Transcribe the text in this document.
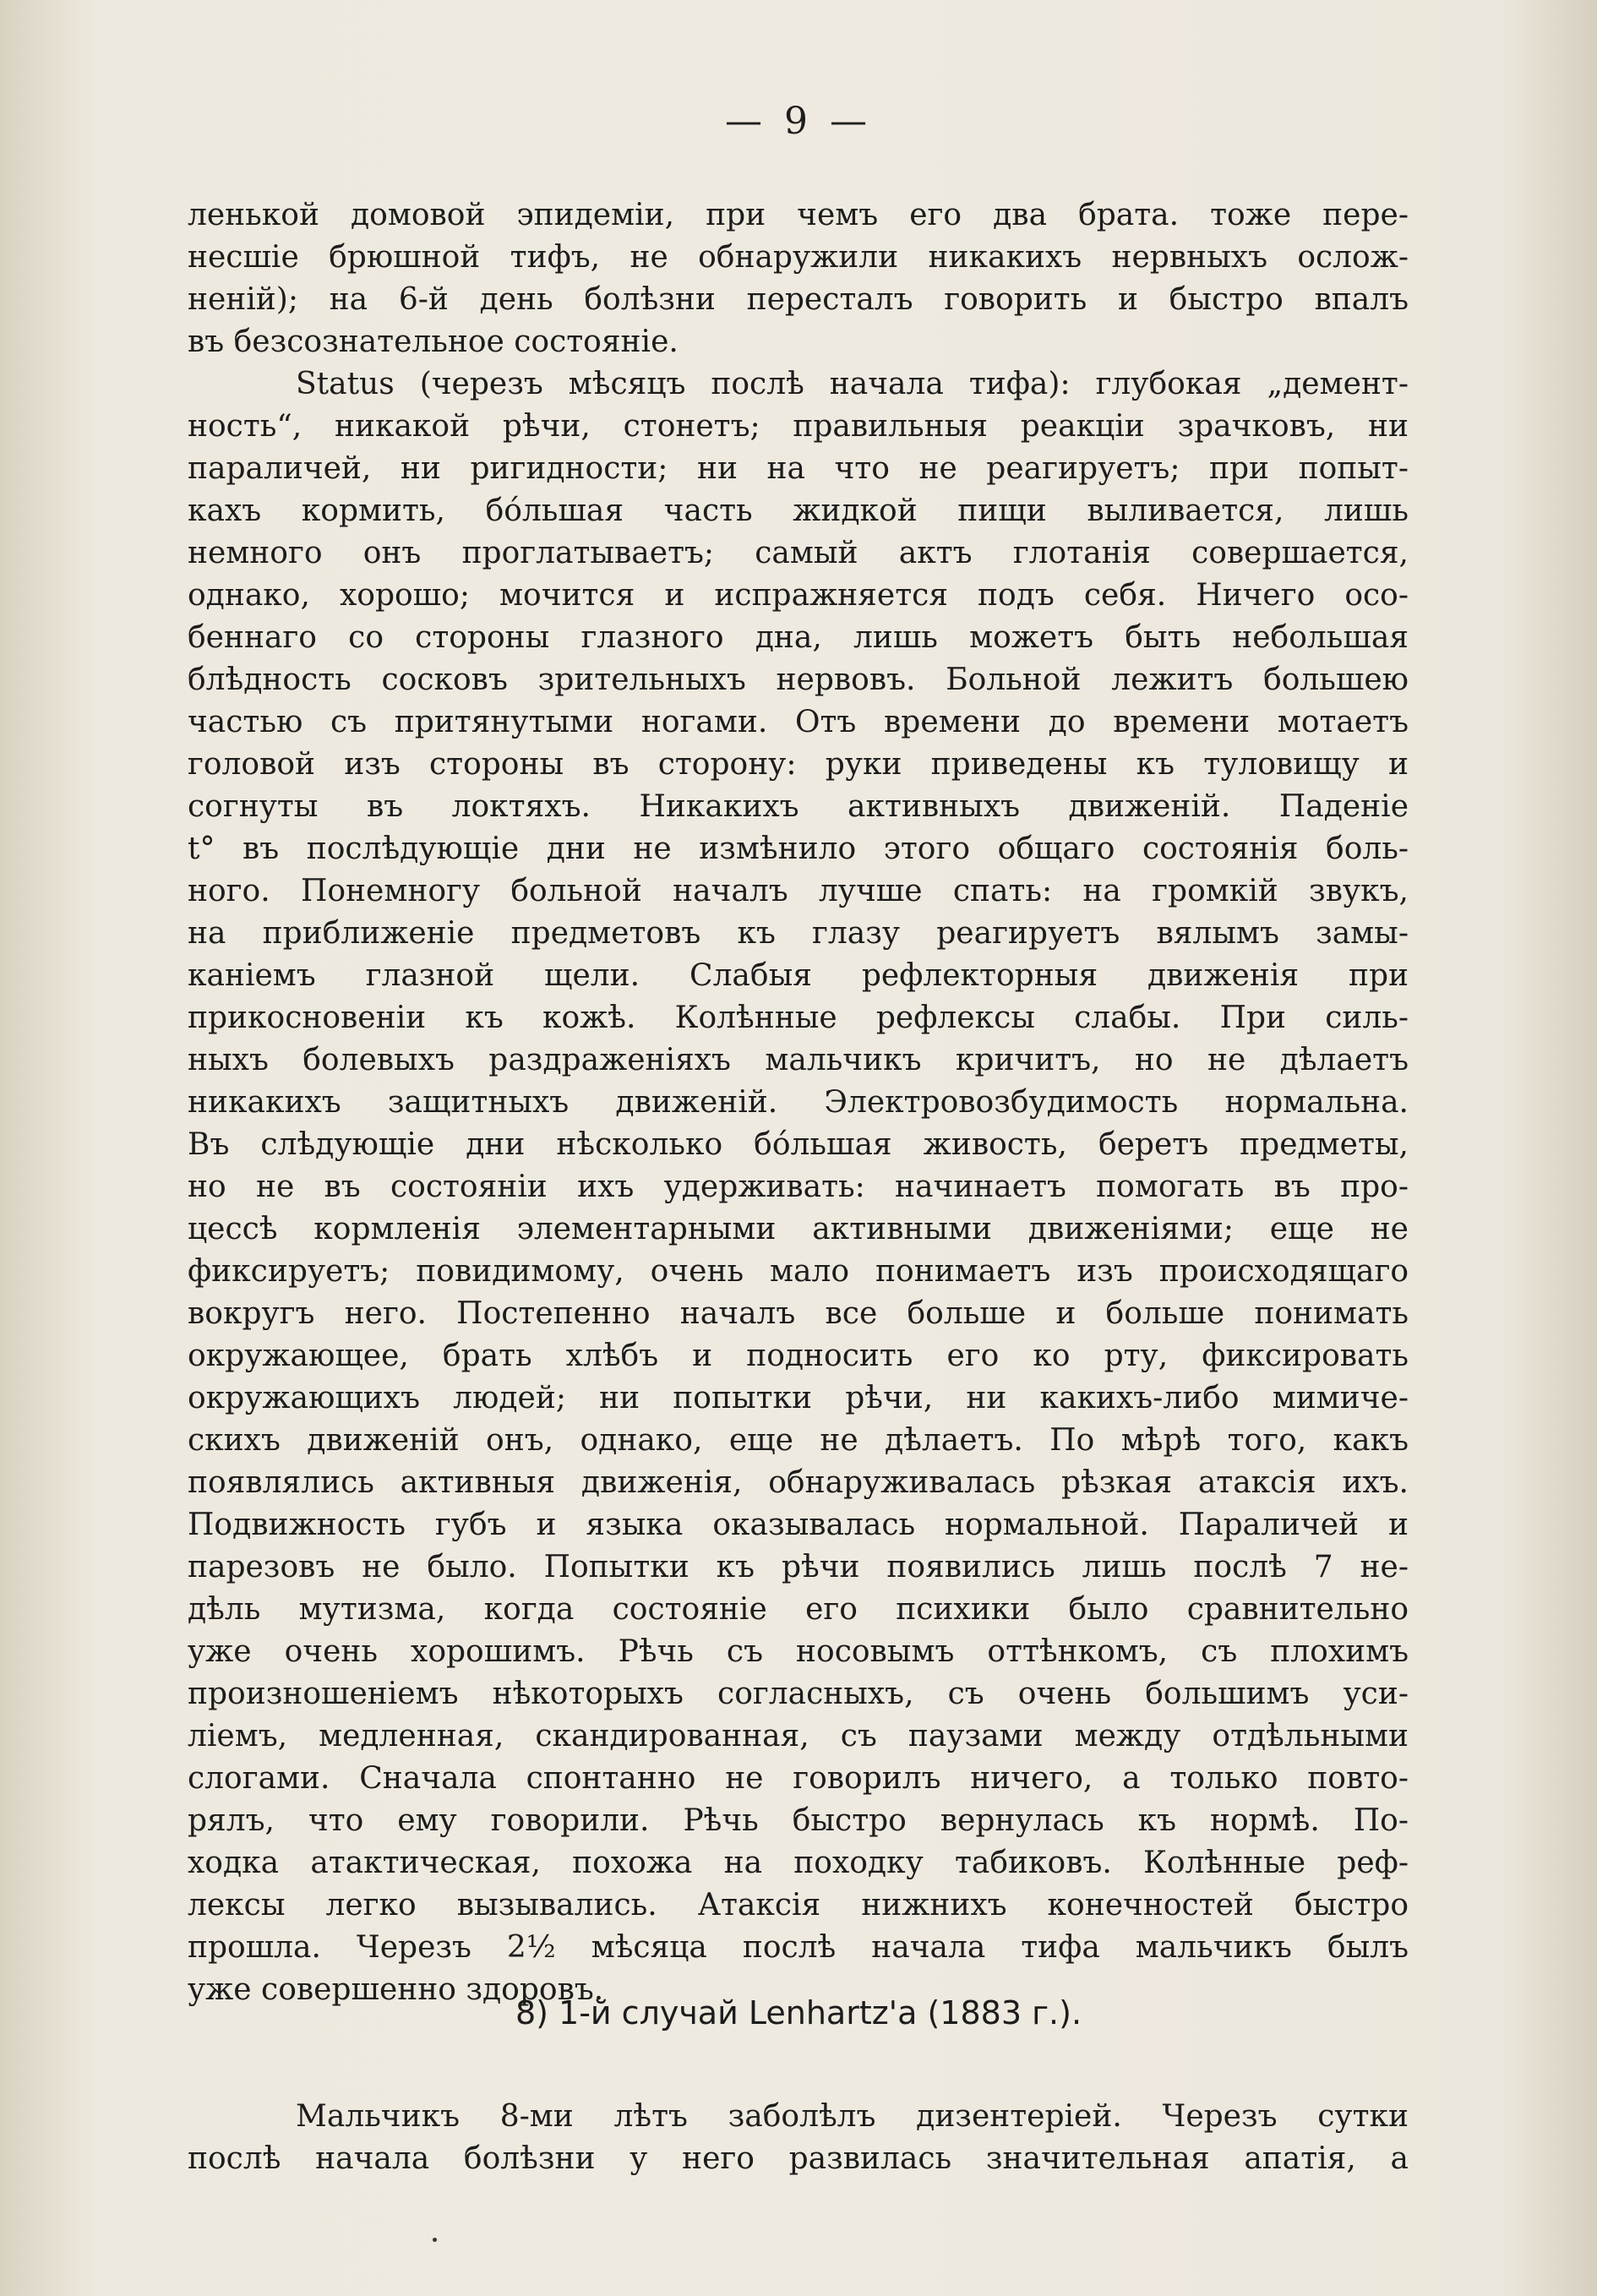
— 9 —
ленькой домовой эпидеміи, при чемъ его два брата. тоже пере-
несшіе брюшной тифъ, не обнаружили никакихъ нервныхъ ослож-
неній); на 6-й день болѣзни пересталъ говорить и быстро впалъ
въ безсознательное состояніе.
Status (черезъ мѣсяцъ послѣ начала тифа): глубокая „демент-
ность“, никакой рѣчи, стонетъ; правильныя реакціи зрачковъ, ни
параличей, ни ригидности; ни на что не реагируетъ; при попыт-
кахъ кормить, бо́льшая часть жидкой пищи выливается, лишь
немного онъ проглатываетъ; самый актъ глотанія совершается,
однако, хорошо; мочится и испражняется подъ себя. Ничего осо-
беннаго со стороны глазного дна, лишь можетъ быть небольшая
блѣдность сосковъ зрительныхъ нервовъ. Больной лежитъ большею
частью съ притянутыми ногами. Отъ времени до времени мотаетъ
головой изъ стороны въ сторону: руки приведены къ туловищу и
согнуты въ локтяхъ. Никакихъ активныхъ движеній. Паденіе
t° въ послѣдующіе дни не измѣнило этого общаго состоянія боль-
ного. Понемногу больной началъ лучше спать: на громкій звукъ,
на приближеніе предметовъ къ глазу реагируетъ вялымъ замы-
каніемъ глазной щели. Слабыя рефлекторныя движенія при
прикосновеніи къ кожѣ. Колѣнные рефлексы слабы. При силь-
ныхъ болевыхъ раздраженіяхъ мальчикъ кричитъ, но не дѣлаетъ
никакихъ защитныхъ движеній. Электровозбудимость нормальна.
Въ слѣдующіе дни нѣсколько бо́льшая живость, беретъ предметы,
но не въ состояніи ихъ удерживать: начинаетъ помогать въ про-
цессѣ кормленія элементарными активными движеніями; еще не
фиксируетъ; повидимому, очень мало понимаетъ изъ происходящаго
вокругъ него. Постепенно началъ все больше и больше понимать
окружающее, брать хлѣбъ и подносить его ко рту, фиксировать
окружающихъ людей; ни попытки рѣчи, ни какихъ-либо мимиче-
скихъ движеній онъ, однако, еще не дѣлаетъ. По мѣрѣ того, какъ
появлялись активныя движенія, обнаруживалась рѣзкая атаксія ихъ.
Подвижность губъ и языка оказывалась нормальной. Параличей и
парезовъ не было. Попытки къ рѣчи появились лишь послѣ 7 не-
дѣль мутизма, когда состояніе его психики было сравнительно
уже очень хорошимъ. Рѣчь съ носовымъ оттѣнкомъ, съ плохимъ
произношеніемъ нѣкоторыхъ согласныхъ, съ очень большимъ уси-
ліемъ, медленная, скандированная, съ паузами между отдѣльными
слогами. Сначала спонтанно не говорилъ ничего, а только повто-
рялъ, что ему говорили. Рѣчь быстро вернулась къ нормѣ. По-
ходка атактическая, похожа на походку табиковъ. Колѣнные реф-
лексы легко вызывались. Атаксія нижнихъ конечностей быстро
прошла. Черезъ 2½ мѣсяца послѣ начала тифа мальчикъ былъ
уже совершенно здоровъ.
8) 1-й случай Lenhartz'a (1883 г.).
Мальчикъ 8-ми лѣтъ заболѣлъ дизентеріей. Черезъ сутки
послѣ начала болѣзни у него развилась значительная апатія, а
